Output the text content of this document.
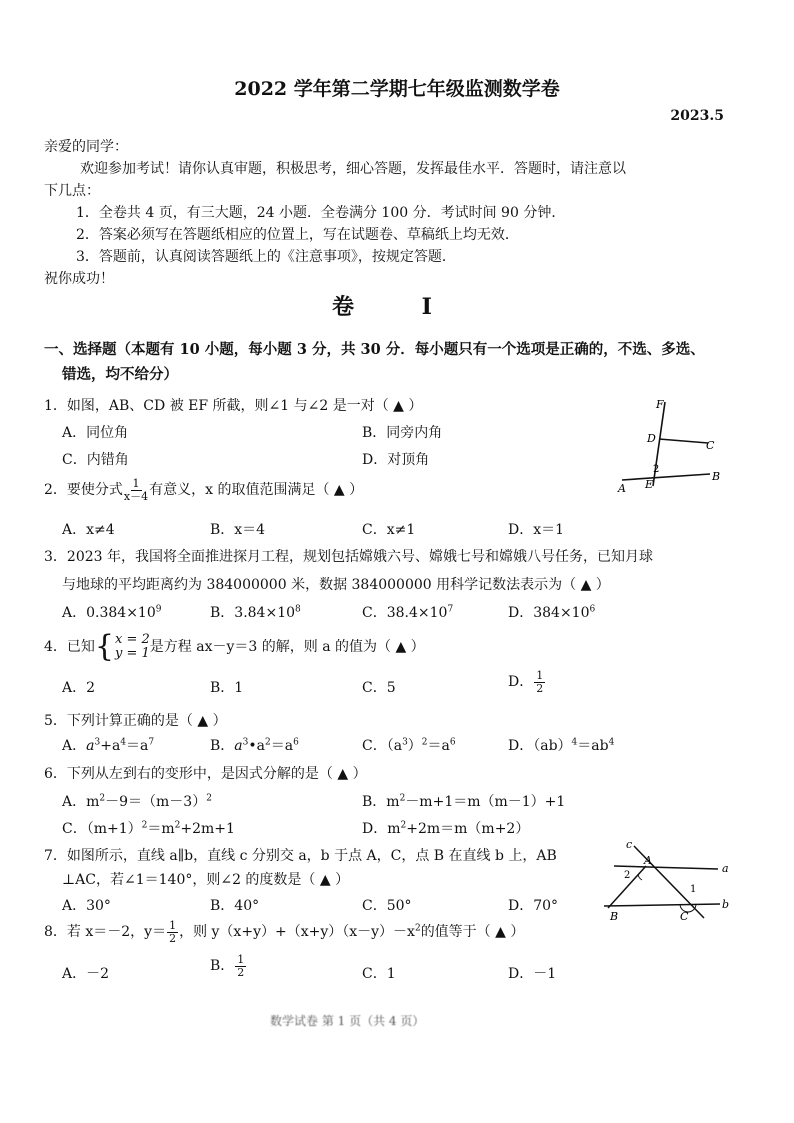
2022 学年第二学期七年级监测数学卷
2023.5
亲爱的同学：
欢迎参加考试！请你认真审题，积极思考，细心答题，发挥最佳水平．答题时，请注意以
下几点：
1．全卷共 4 页，有三大题，24 小题．全卷满分 100 分．考试时间 90 分钟．
2．答案必须写在答题纸相应的位置上，写在试题卷、草稿纸上均无效．
3．答题前，认真阅读答题纸上的《注意事项》，按规定答题．
祝你成功！
卷 I
一、选择题（本题有 10 小题，每小题 3 分，共 30 分．每小题只有一个选项是正确的，不选、多选、
错选，均不给分）
1．如图，AB、CD 被 EF 所截，则∠1 与∠2 是一对（ ▲ ）
A．同位角	B．同旁内角
C．内错角	D．对顶角
F
D
C
2
A E
B
2．要使分式 $\frac{1}{x-4}$ 有意义，x 的取值范围满足（ ▲ ）
A．x≠4	B．x＝4	C．x≠1	D．x＝1
3．2023 年，我国将全面推进探月工程，规划包括嫦娥六号、嫦娥七号和嫦娥八号任务，已知月球
与地球的平均距离约为 384000000 米，数据 384000000 用科学记数法表示为（ ▲ ）
A．$0.384\times 10^9$	B．$3.84\times 10^8$	C．$38.4\times 10^7$	D．$384\times 10^6$
4．已知 { x = 2
y = 1 是方程 ax－y＝3 的解，则 a 的值为（ ▲ ）
A．2	B．1	C．5	D． $\frac{1}{2}$
5．下列计算正确的是（ ▲ ）
A．$a^3+a^4=a^7$	B．$a^3•a^2=a^6$	C．$(a^3)^2=a^6$	D．$(ab)^4=ab^4$
6．下列从左到右的变形中，是因式分解的是（ ▲ ）
A．$m^2-9=(m-3)^2$	B．$m^2-m+1=m(m-1)+1$
C．$(m+1)^2=m^2+2m+1$	D．$m^2+2m=m(m+2)$
7．如图所示，直线 a∥b，直线 c 分别交 a，b 于点 A，C，点 B 在直线 b 上，AB
⊥AC，若∠1＝140°，则∠2 的度数是（ ▲ ）
A．30°	B．40°	C．50°	D．70°
c
A
a
2
1
B	C
b
8．若 x＝－2，$y= \frac{1}{2}$ ，则 $y(x+y)+(x+y)(x-y)-x^2$的值等于（ ▲ ）
A．－2	B． $\frac{1}{2}$	C．1	D．－1
数学试卷 第 1 页（共 4 页）
